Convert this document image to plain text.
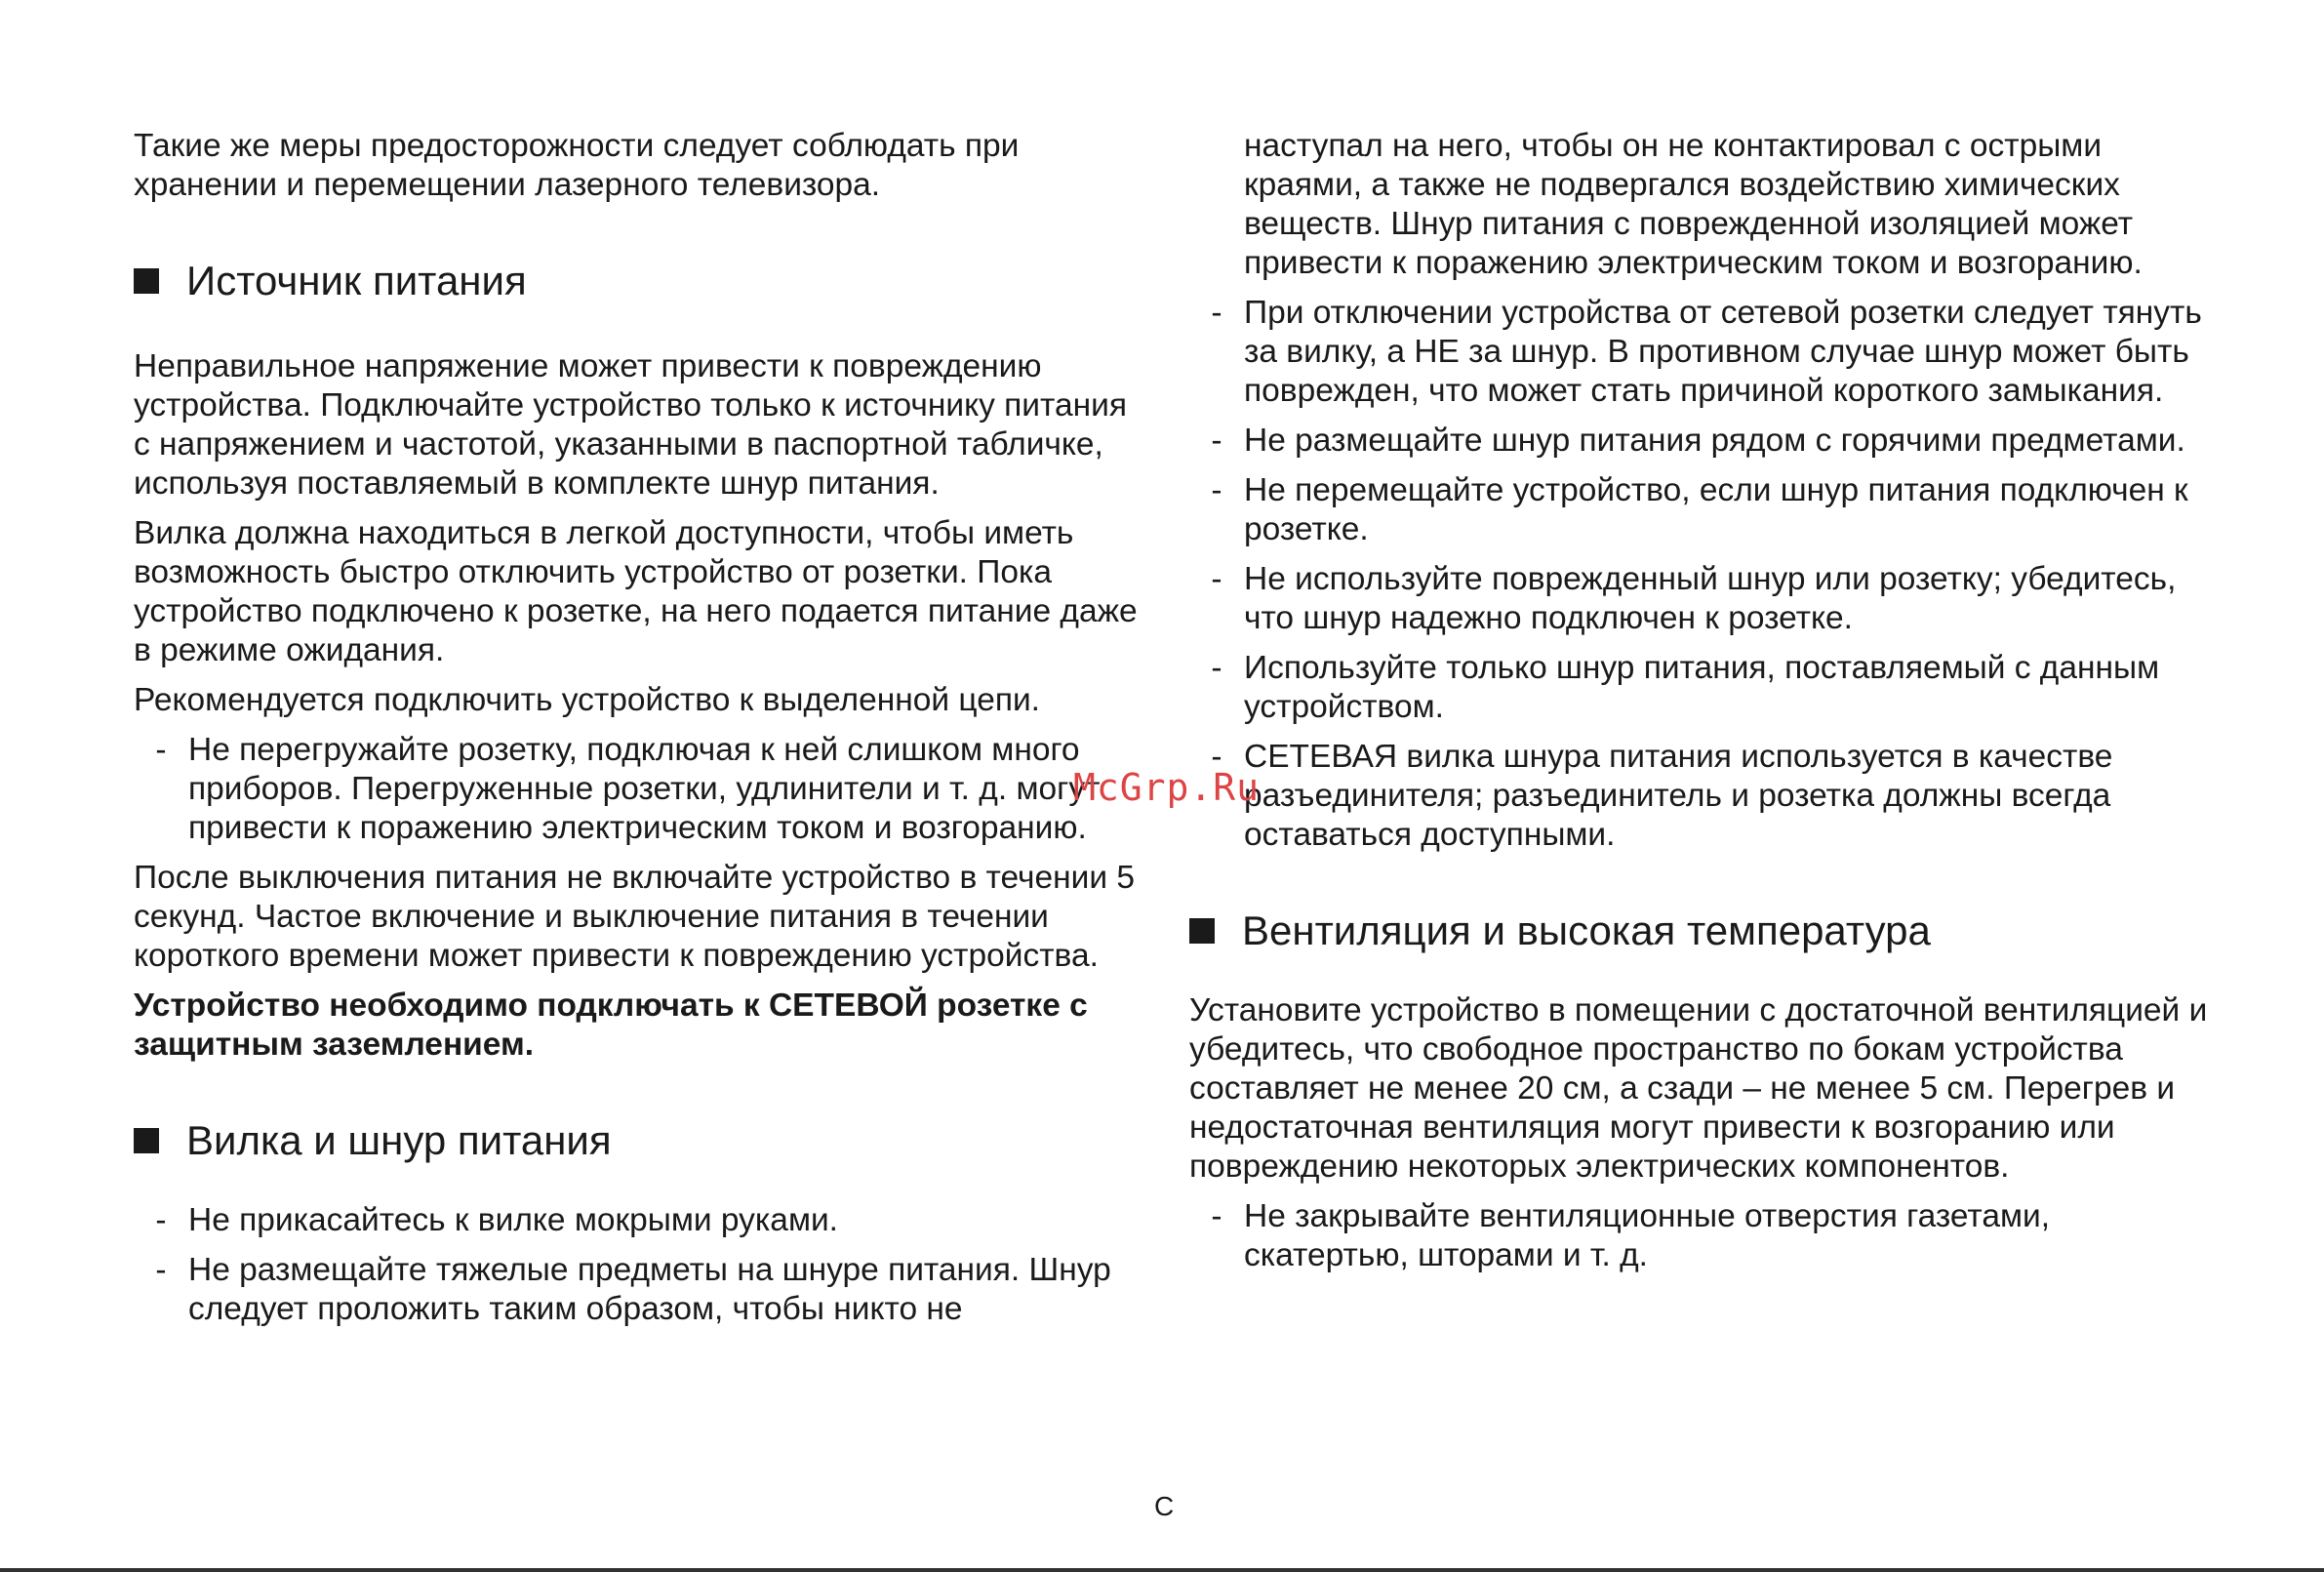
Такие же меры предосторожности следует соблюдать при хранении и перемещении лазерного телевизора.

Источник питания

Неправильное напряжение может привести к повреждению устройства. Подключайте устройство только к источнику питания с напряжением и частотой, указанными в паспортной табличке, используя поставляемый в комплекте шнур питания.

Вилка должна находиться в легкой доступности, чтобы иметь возможность быстро отключить устройство от розетки. Пока устройство подключено к розетке, на него подается питание даже в режиме ожидания.

Рекомендуется подключить устройство к выделенной цепи.

- Не перегружайте розетку, подключая к ней слишком много приборов. Перегруженные розетки, удлинители и т. д. могут привести к поражению электрическим током и возгоранию.

После выключения питания не включайте устройство в течении 5 секунд. Частое включение и выключение питания в течении короткого времени может привести к повреждению устройства.

Устройство необходимо подключать к СЕТЕВОЙ розетке с защитным заземлением.

Вилка и шнур питания
- Не прикасайтесь к вилке мокрыми руками.
- Не размещайте тяжелые предметы на шнуре питания. Шнур следует проложить таким образом, чтобы никто не
наступал на него, чтобы он не контактировал с острыми краями, а также не подвергался воздействию химических веществ. Шнур питания с поврежденной изоляцией может привести к поражению электрическим током и возгоранию.
- При отключении устройства от сетевой розетки следует тянуть за вилку, а НЕ за шнур. В противном случае шнур может быть поврежден, что может стать причиной короткого замыкания.
- Не размещайте шнур питания рядом с горячими предметами.
- Не перемещайте устройство, если шнур питания подключен к розетке.
- Не используйте поврежденный шнур или розетку; убедитесь, что шнур надежно подключен к розетке.
- Используйте только шнур питания, поставляемый с данным устройством.
- СЕТЕВАЯ вилка шнура питания используется в качестве разъединителя; разъединитель и розетка должны всегда оставаться доступными.
Вентиляция и высокая температура

Установите устройство в помещении с достаточной вентиляцией и убедитесь, что свободное пространство по бокам устройства составляет не менее 20 см, а сзади – не менее 5 см. Перегрев и недостаточная вентиляция могут привести к возгоранию или повреждению некоторых электрических компонентов.

- Не закрывайте вентиляционные отверстия газетами, скатертью, шторами и т. д.
McGrp.Ru
C
